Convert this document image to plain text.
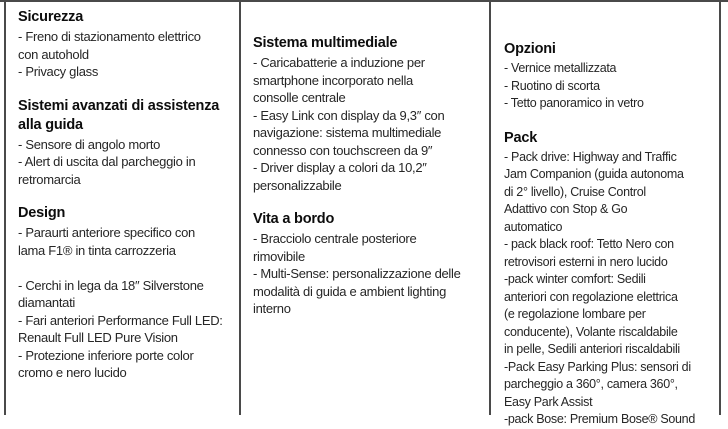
Sicurezza
- Freno di stazionamento elettrico
con autohold
- Privacy glass
Sistemi avanzati di assistenza alla guida
- Sensore di angolo morto
- Alert di uscita dal parcheggio in
retromarcia
Design
- Paraurti anteriore specifico con
lama F1® in tinta carrozzeria

- Cerchi in lega da 18″ Silverstone
diamantati
- Fari anteriori Performance Full LED:
Renault Full LED Pure Vision
- Protezione inferiore porte color
cromo e nero lucido
Sistema multimediale
- Caricabatterie a induzione per
smartphone incorporato nella
consolle centrale
- Easy Link con display da 9,3″ con
navigazione: sistema multimediale
connesso con touchscreen da 9″
- Driver display a colori da 10,2″
personalizzabile
Vita a bordo
- Bracciolo centrale posteriore
rimovibile
- Multi-Sense: personalizzazione delle
modalità di guida e ambient lighting
interno
Opzioni
- Vernice metallizzata
- Ruotino di scorta
- Tetto panoramico in vetro
Pack
- Pack drive: Highway and Traffic
Jam Companion (guida autonoma
di 2° livello), Cruise Control
Adattivo con Stop & Go
automatico
- pack black roof: Tetto Nero con
retrovisori esterni in nero lucido
-pack winter comfort: Sedili
anteriori con regolazione elettrica
(e regolazione lombare per
conducente), Volante riscaldabile
in pelle, Sedili anteriori riscaldabili
-Pack Easy Parking Plus: sensori di
parcheggio a 360°, camera 360°,
Easy Park Assist
-pack Bose: Premium Bose® Sound
